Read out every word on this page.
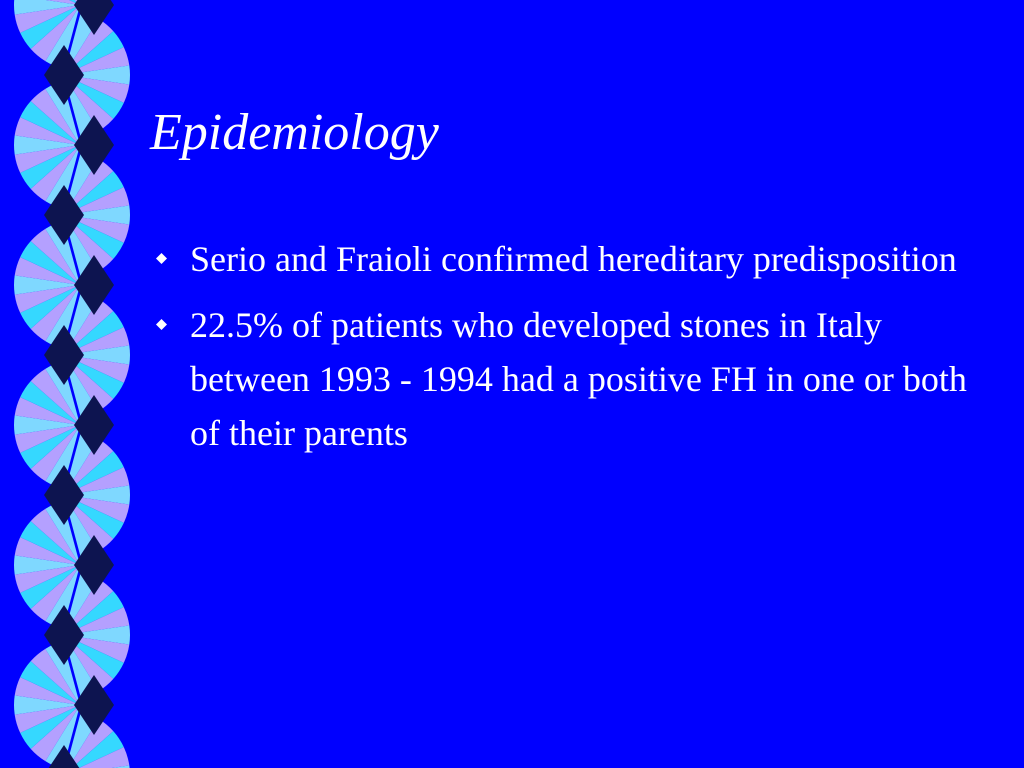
Epidemiology
Serio and Fraioli confirmed hereditary predisposition
22.5% of patients who developed stones in Italy between 1993 - 1994 had a positive FH in one or both of their parents
